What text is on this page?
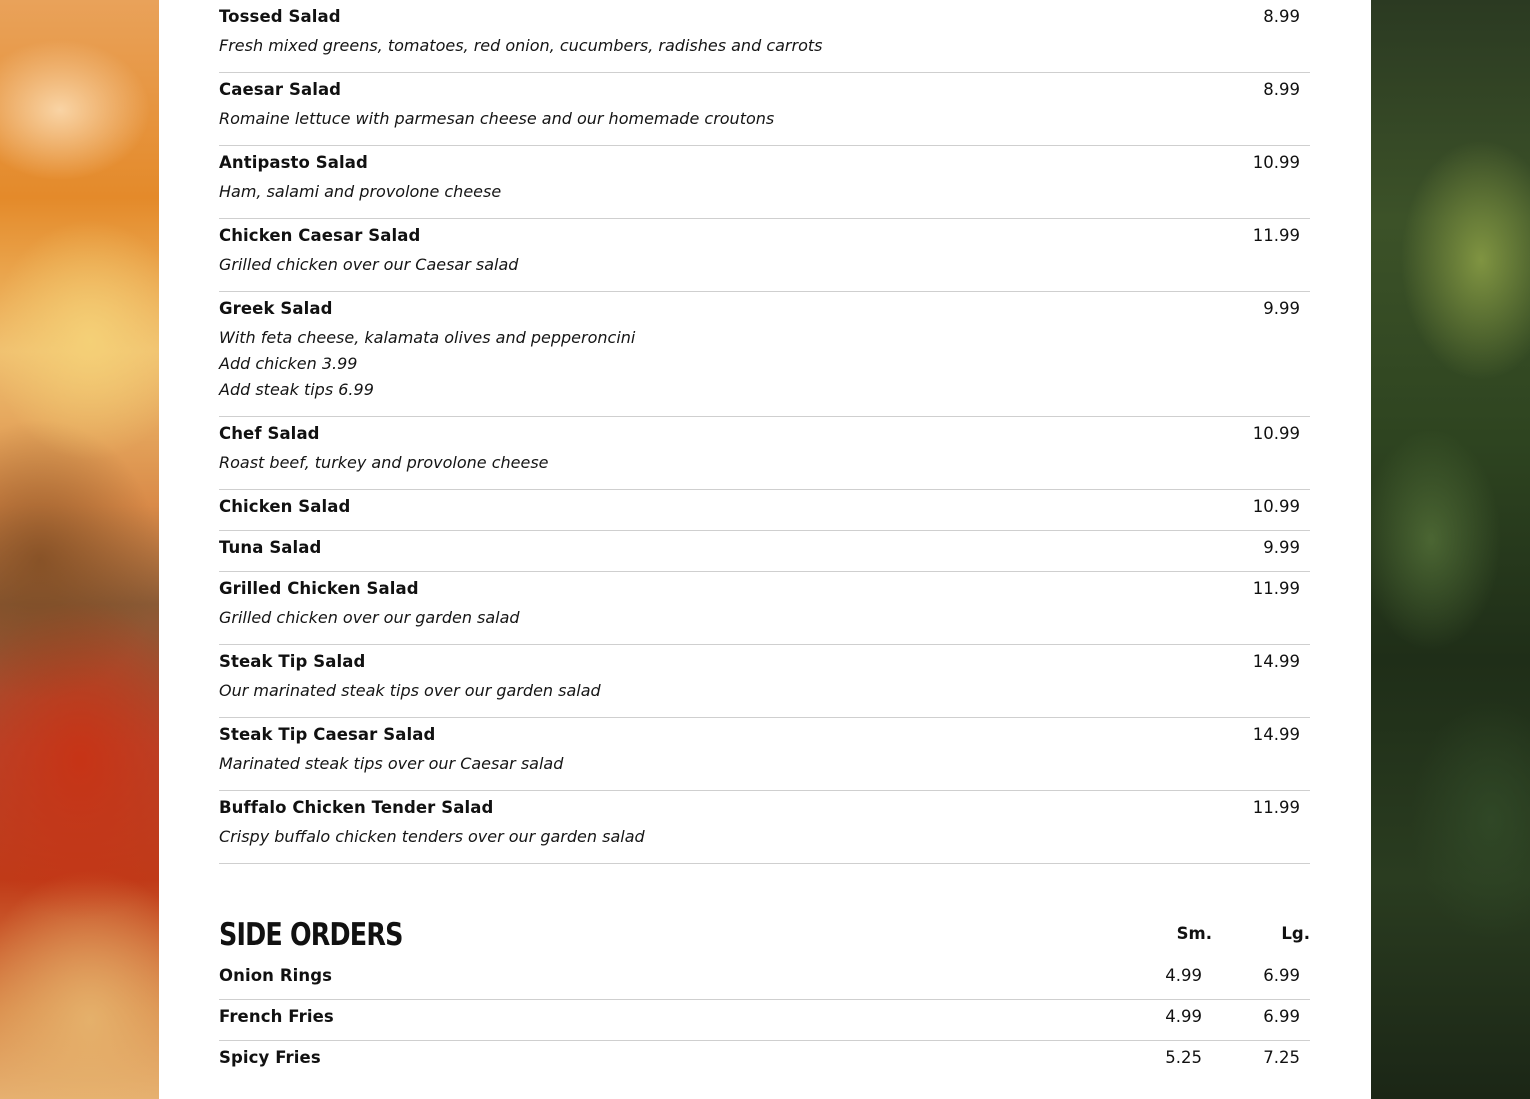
Tossed Salad	8.99
Fresh mixed greens, tomatoes, red onion, cucumbers, radishes and carrots
Caesar Salad	8.99
Romaine lettuce with parmesan cheese and our homemade croutons
Antipasto Salad	10.99
Ham, salami and provolone cheese
Chicken Caesar Salad	11.99
Grilled chicken over our Caesar salad
Greek Salad	9.99
With feta cheese, kalamata olives and pepperoncini
Add chicken 3.99
Add steak tips 6.99
Chef Salad	10.99
Roast beef, turkey and provolone cheese
Chicken Salad	10.99
Tuna Salad	9.99
Grilled Chicken Salad	11.99
Grilled chicken over our garden salad
Steak Tip Salad	14.99
Our marinated steak tips over our garden salad
Steak Tip Caesar Salad	14.99
Marinated steak tips over our Caesar salad
Buffalo Chicken Tender Salad	11.99
Crispy buffalo chicken tenders over our garden salad
SIDE ORDERS	Sm.	Lg.
Onion Rings	4.99	6.99
French Fries	4.99	6.99
Spicy Fries	5.25	7.25
